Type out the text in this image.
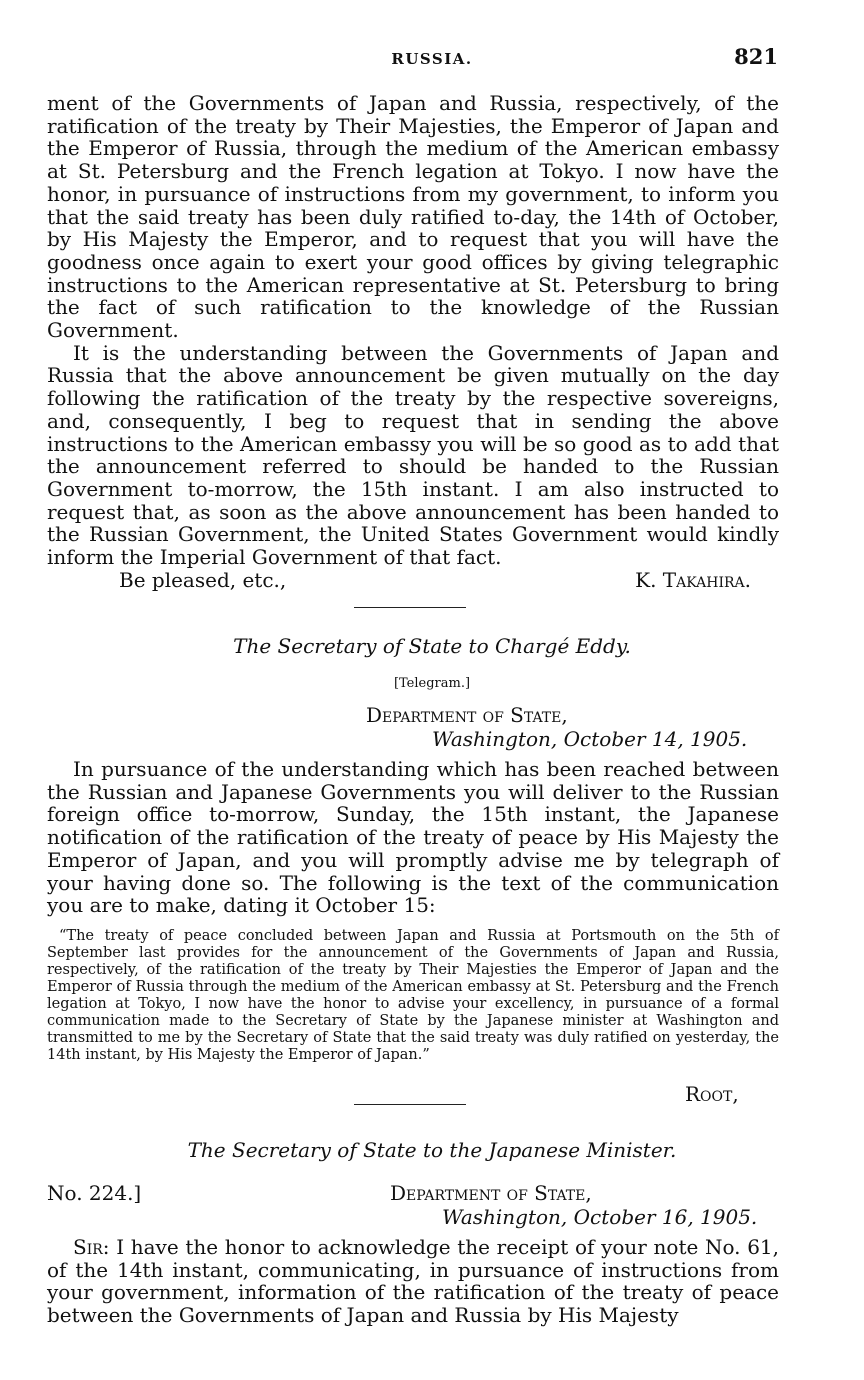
RUSSIA.	821

ment of the Governments of Japan and Russia, respectively, of the ratification of the treaty by Their Majesties, the Emperor of Japan and the Emperor of Russia, through the medium of the American embassy at St. Petersburg and the French legation at Tokyo. I now have the honor, in pursuance of instructions from my government, to inform you that the said treaty has been duly ratified to-day, the 14th of October, by His Majesty the Emperor, and to request that you will have the goodness once again to exert your good offices by giving telegraphic instructions to the American representative at St. Petersburg to bring the fact of such ratification to the knowledge of the Russian Government.

It is the understanding between the Governments of Japan and Russia that the above announcement be given mutually on the day following the ratification of the treaty by the respective sovereigns, and, consequently, I beg to request that in sending the above instructions to the American embassy you will be so good as to add that the announcement referred to should be handed to the Russian Government to-morrow, the 15th instant. I am also instructed to request that, as soon as the above announcement has been handed to the Russian Government, the United States Government would kindly inform the Imperial Government of that fact.

Be pleased, etc.,	K. Takahira.
The Secretary of State to Chargé Eddy.
[Telegram.]
Department of State,
Washington, October 14, 1905.

In pursuance of the understanding which has been reached between the Russian and Japanese Governments you will deliver to the Russian foreign office to-morrow, Sunday, the 15th instant, the Japanese notification of the ratification of the treaty of peace by His Majesty the Emperor of Japan, and you will promptly advise me by telegraph of your having done so. The following is the text of the communication you are to make, dating it October 15:

“The treaty of peace concluded between Japan and Russia at Portsmouth on the 5th of September last provides for the announcement of the Governments of Japan and Russia, respectively, of the ratification of the treaty by Their Majesties the Emperor of Japan and the Emperor of Russia through the medium of the American embassy at St. Petersburg and the French legation at Tokyo, I now have the honor to advise your excellency, in pursuance of a formal communication made to the Secretary of State by the Japanese minister at Washington and transmitted to me by the Secretary of State that the said treaty was duly ratified on yesterday, the 14th instant, by His Majesty the Emperor of Japan.”

Root,
The Secretary of State to the Japanese Minister.
No. 224.]	Department of State,
Washington, October 16, 1905.

Sir: I have the honor to acknowledge the receipt of your note No. 61, of the 14th instant, communicating, in pursuance of instructions from your government, information of the ratification of the treaty of peace between the Governments of Japan and Russia by His Majesty
